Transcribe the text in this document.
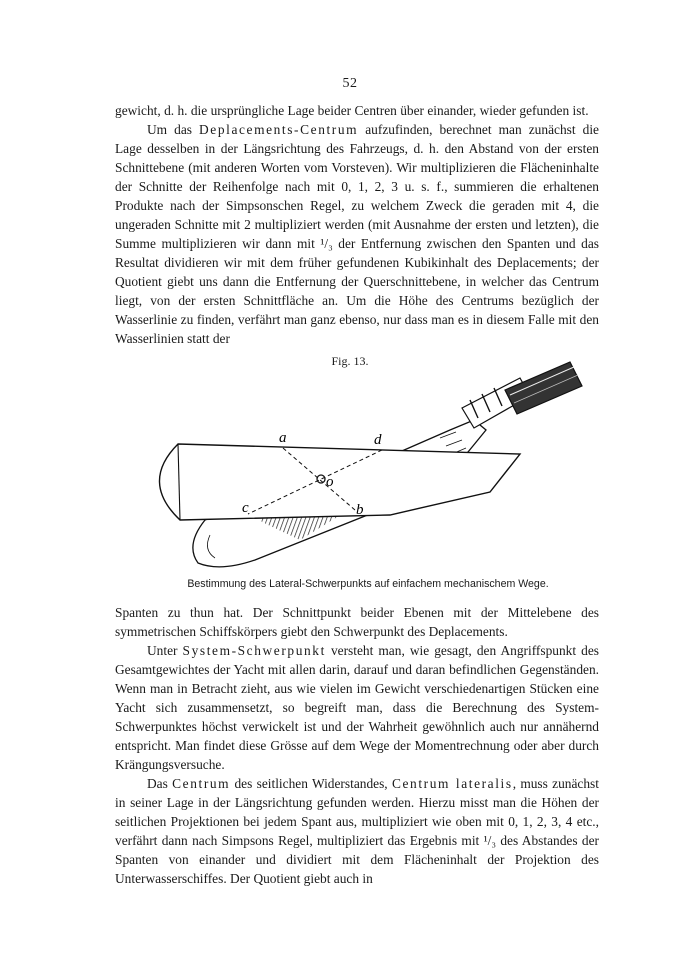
52

gewicht, d. h. die ursprüngliche Lage beider Centren über einander, wieder gefunden ist.

Um das Deplacements-Centrum aufzufinden, berechnet man zunächst die Lage desselben in der Längsrichtung des Fahrzeugs, d. h. den Abstand von der ersten Schnittebene (mit anderen Worten vom Vorsteven). Wir multiplizieren die Flächeninhalte der Schnitte der Reihenfolge nach mit 0, 1, 2, 3 u. s. f., summieren die erhaltenen Produkte nach der Simpsonschen Regel, zu welchem Zweck die geraden mit 4, die ungeraden Schnitte mit 2 multipliziert werden (mit Ausnahme der ersten und letzten), die Summe multiplizieren wir dann mit ¹/₃ der Entfernung zwischen den Spanten und das Resultat dividieren wir mit dem früher gefundenen Kubikinhalt des Deplacements; der Quotient giebt uns dann die Entfernung der Querschnittebene, in welcher das Centrum liegt, von der ersten Schnittfläche an. Um die Höhe des Centrums bezüglich der Wasserlinie zu finden, verfährt man ganz ebenso, nur dass man es in diesem Falle mit den Wasserlinien statt der

Fig. 13.
a	d
o
c	b
Bestimmung des Lateral-Schwerpunkts auf einfachem mechanischem Wege.

Spanten zu thun hat. Der Schnittpunkt beider Ebenen mit der Mittelebene des symmetrischen Schiffskörpers giebt den Schwerpunkt des Deplacements.

Unter System-Schwerpunkt versteht man, wie gesagt, den Angriffspunkt des Gesamtgewichtes der Yacht mit allen darin, darauf und daran befindlichen Gegenständen. Wenn man in Betracht zieht, aus wie vielen im Gewicht verschiedenartigen Stücken eine Yacht sich zusammensetzt, so begreift man, dass die Berechnung des System-Schwerpunktes höchst verwickelt ist und der Wahrheit gewöhnlich auch nur annähernd entspricht. Man findet diese Grösse auf dem Wege der Momentrechnung oder aber durch Krängungsversuche.

Das Centrum des seitlichen Widerstandes, Centrum lateralis, muss zunächst in seiner Lage in der Längsrichtung gefunden werden. Hierzu misst man die Höhen der seitlichen Projektionen bei jedem Spant aus, multipliziert wie oben mit 0, 1, 2, 3, 4 etc., verfährt dann nach Simpsons Regel, multipliziert das Ergebnis mit ¹/₃ des Abstandes der Spanten von einander und dividiert mit dem Flächeninhalt der Projektion des Unterwasserschiffes. Der Quotient giebt auch in
